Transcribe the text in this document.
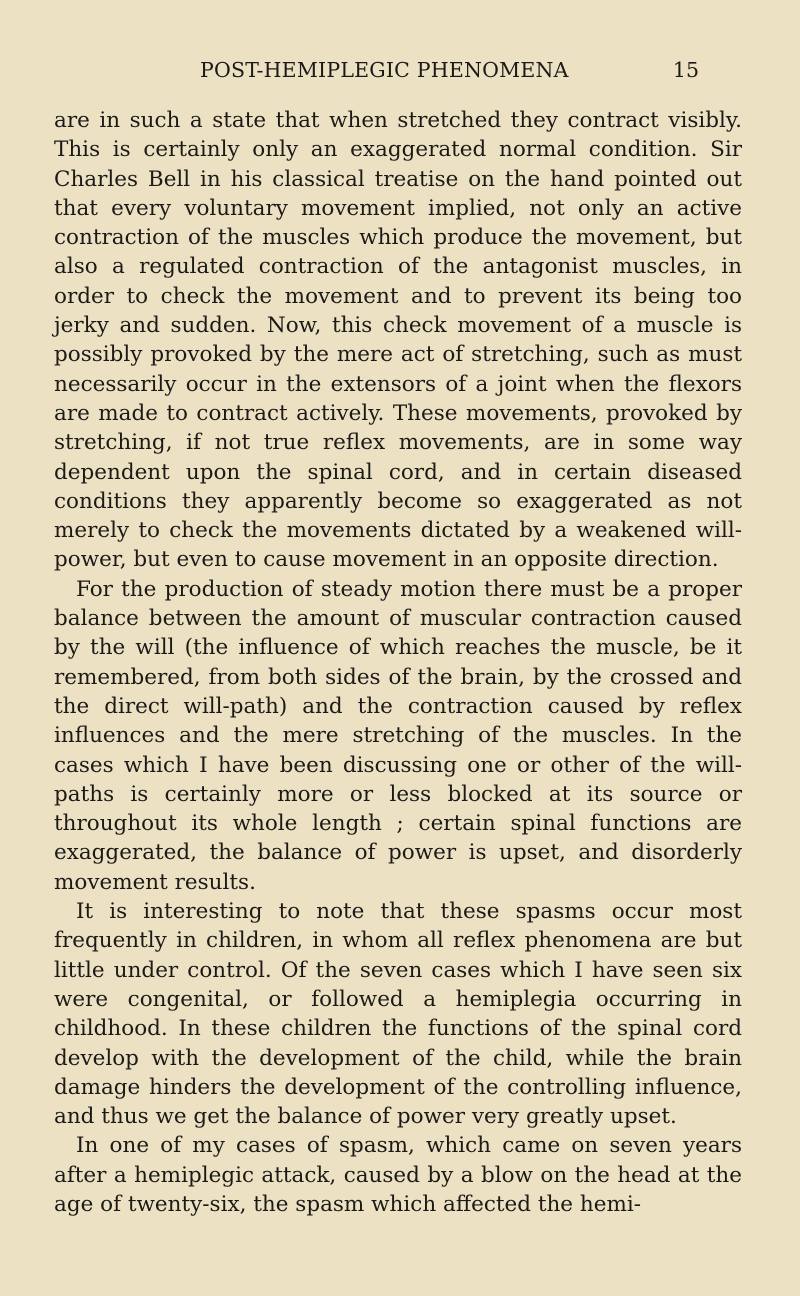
POST-HEMIPLEGIC PHENOMENA	15

are in such a state that when stretched they contract visibly. This is certainly only an exaggerated normal condition. Sir Charles Bell in his classical treatise on the hand pointed out that every voluntary movement implied, not only an active contraction of the muscles which produce the movement, but also a regulated contraction of the antagonist muscles, in order to check the movement and to prevent its being too jerky and sudden. Now, this check movement of a muscle is possibly provoked by the mere act of stretching, such as must necessarily occur in the extensors of a joint when the flexors are made to contract actively. These movements, provoked by stretching, if not true reflex movements, are in some way dependent upon the spinal cord, and in certain diseased conditions they apparently become so exaggerated as not merely to check the movements dictated by a weakened will-power, but even to cause movement in an opposite direction.

For the production of steady motion there must be a proper balance between the amount of muscular contraction caused by the will (the influence of which reaches the muscle, be it remembered, from both sides of the brain, by the crossed and the direct will-path) and the contraction caused by reflex influences and the mere stretching of the muscles. In the cases which I have been discussing one or other of the will-paths is certainly more or less blocked at its source or throughout its whole length ; certain spinal functions are exaggerated, the balance of power is upset, and disorderly movement results.

It is interesting to note that these spasms occur most frequently in children, in whom all reflex phenomena are but little under control. Of the seven cases which I have seen six were congenital, or followed a hemiplegia occurring in childhood. In these children the functions of the spinal cord develop with the development of the child, while the brain damage hinders the development of the controlling influence, and thus we get the balance of power very greatly upset.

In one of my cases of spasm, which came on seven years after a hemiplegic attack, caused by a blow on the head at the age of twenty-six, the spasm which affected the hemi-
